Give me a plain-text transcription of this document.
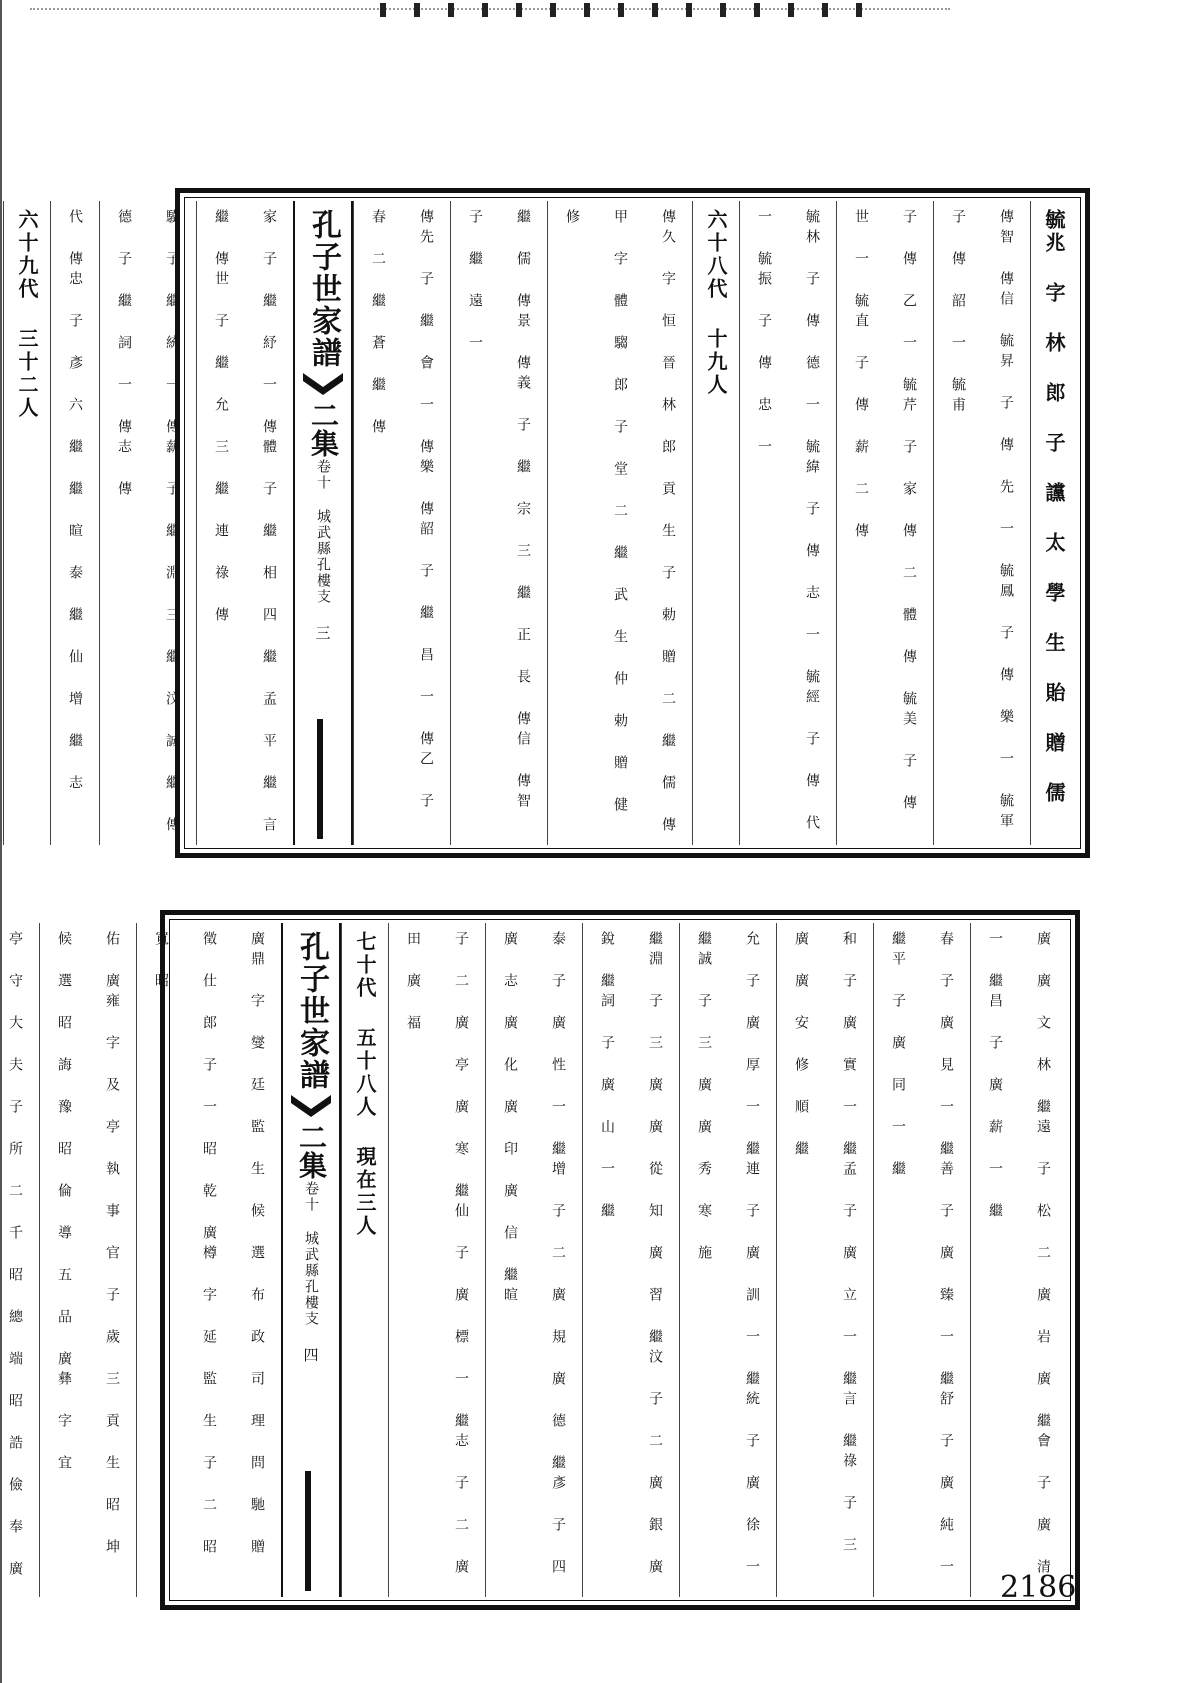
毓兆 字 林 郎 子 讜 太 學 生 貽 贈 儒
傳智 傳信 毓昇 子 傳 先 一 毓鳳 子 傳 樂 一 毓軍 子 傳 韶 一 毓甫
子 傳 乙 一 毓芹 子 家 傳 二 體 傳 毓美 子 傳 世 一 毓直 子 傳 薪 二 傳
毓林 子 傳 德 一 毓緯 子 傳 志 一 毓經 子 傳 代 一 毓振 子 傳 忠 一
六十八代 十九人
傳久 字 恒 晉 林 郎 貢 生 子 勅 贈 二 繼 儒 傳甲 字 體 騶 郎 子 堂 二 繼 武 生 仲 勅 贈 健 修
繼 儒 傳景 傳義 子 繼 宗 三 繼 正 長 傳信 傳智 子 繼 遠 一
傳先 子 繼 會 一 傳樂 傳韶 子 繼 昌 一 傳乙 子 春 二 繼 蒼 繼 傳
孔子世家譜
二集
卷十 城武縣孔樓支
三
家 子 繼 紓 一 傳體 子 繼 相 四 繼 孟 平 繼 言 繼 傳世 子 繼 允 三 繼 連 祿 傳
驥 子 繼 統 一 傳薪 子 繼 淵 三 繼 汶 誠 繼 傳德 子 繼 詞 一 傳志 傳
代 傳忠 子 彥 六 繼 繼 暄 泰 繼 仙 增 繼 志
六十九代 三十二人
廣 廣 文 林 繼遠 子 松 二 廣 岩 廣 繼會 子 廣 清 一 繼昌 子 廣 薪 一 繼
春 子 廣 見 一 繼善 子 廣 臻 一 繼舒 子 廣 純 一 繼平 子 廣 同 一 繼
和 子 廣 實 一 繼孟 子 廣 立 一 繼言 繼祿 子 三 廣 廣 安 修 順 繼
允 子 廣 厚 一 繼連 子 廣 訓 一 繼統 子 廣 徐 一 繼誠 子 三 廣 廣 秀 寒 施
繼淵 子 三 廣 廣 從 知 廣 習 繼汶 子 二 廣 銀 廣 銳 繼詞 子 廣 山 一 繼
泰 子 廣 性 一 繼增 子 二 廣 規 廣 德 繼彥 子 四 廣 志 廣 化 廣 印 廣 信 繼暄
子 二 廣 亭 廣 寒 繼仙 子 廣 標 一 繼志 子 二 廣 田 廣 福
七十代 五十八人 現在三人
孔子世家譜
二集
卷十 城武縣孔樓支
四
廣鼎 字 燮 廷 監 生 候 選 布 政 司 理 問 馳 贈 徵 仕 郎 子 一 昭 乾 廣樽 字 延 監 生 子 二 昭 寬 昭
佑 廣雍 字 及 亭 執 事 官 子 歲 三 貢 生 昭 坤 候 選 昭 誨 豫 昭 倫 導 五 品 廣彝 字 宜
亭 守 大 夫 子 所 二 千 昭 總 端 昭 誥 儉 奉 廣	2186
